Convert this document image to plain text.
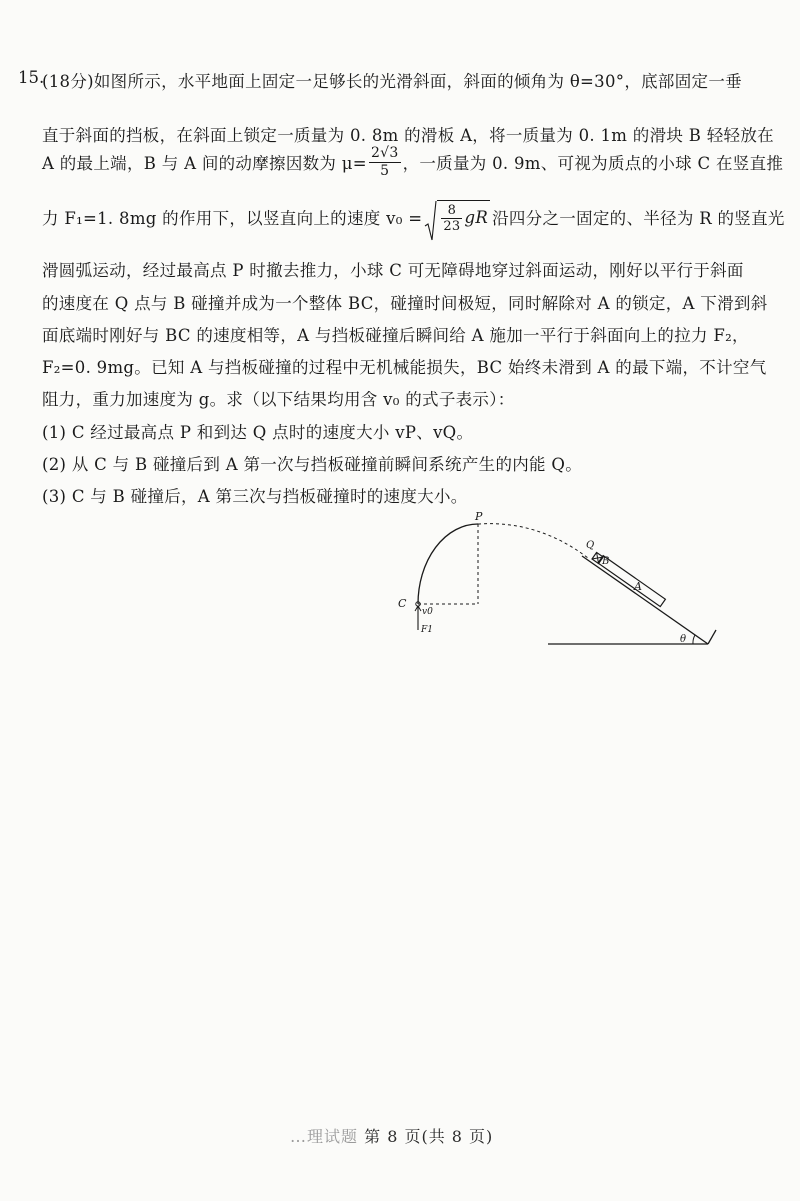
15.
(18分)如图所示，水平地面上固定一足够长的光滑斜面，斜面的倾角为 θ=30°，底部固定一垂
直于斜面的挡板，在斜面上锁定一质量为 0. 8m 的滑板 A，将一质量为 0. 1m 的滑块 B 轻轻放在
A 的最上端，B 与 A 间的动摩擦因数为 $\mu= \frac{2√3}{5}$ ，一质量为 0. 9m、可视为质点的小球 C 在竖直推
力 F₁=1. 8mg 的作用下，以竖直向上的速度 $v_0 = \frac{8}{23}$ gR 沿四分之一固定的、半径为 R 的竖直光
滑圆弧运动，经过最高点 P 时撤去推力，小球 C 可无障碍地穿过斜面运动，刚好以平行于斜面
的速度在 Q 点与 B 碰撞并成为一个整体 BC，碰撞时间极短，同时解除对 A 的锁定，A 下滑到斜
面底端时刚好与 BC 的速度相等，A 与挡板碰撞后瞬间给 A 施加一平行于斜面向上的拉力 F₂，
F₂=0. 9mg。已知 A 与挡板碰撞的过程中无机械能损失，BC 始终未滑到 A 的最下端，不计空气
阻力，重力加速度为 g。求（以下结果均用含 v₀ 的式子表示）：
(1) C 经过最高点 P 和到达 Q 点时的速度大小 vP、vQ。
(2) 从 C 与 B 碰撞后到 A 第一次与挡板碰撞前瞬间系统产生的内能 Q。
(3) C 与 B 碰撞后，A 第三次与挡板碰撞时的速度大小。
P
Q
B
A
C
v0
F1
θ
…理试题 第 8 页(共 8 页)
